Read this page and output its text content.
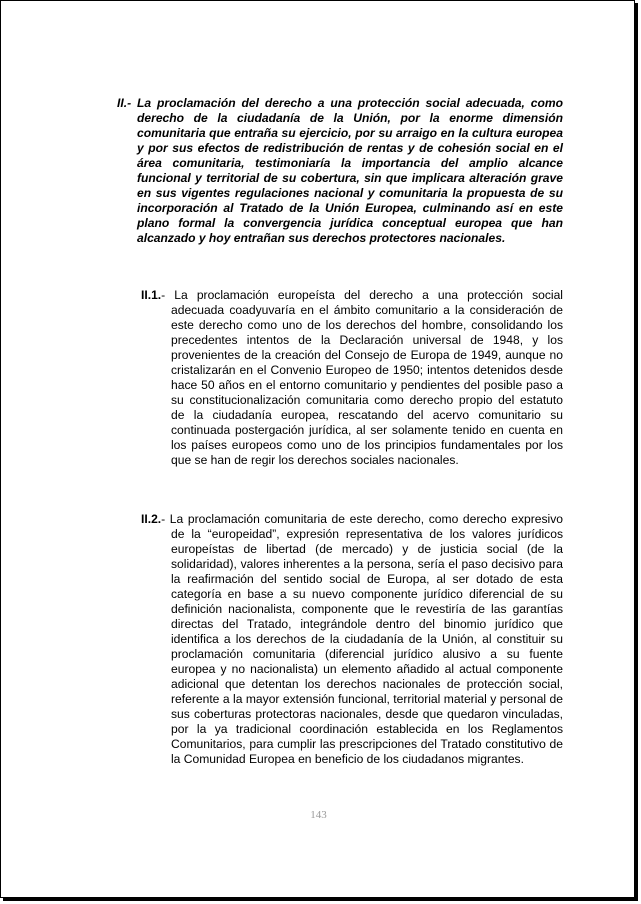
II.- La proclamación del derecho a una protección social adecuada, como derecho de la ciudadanía de la Unión, por la enorme dimensión comunitaria que entraña su ejercicio, por su arraigo en la cultura europea y por sus efectos de redistribución de rentas y de cohesión social en el área comunitaria, testimoniaría la importancia del amplio alcance funcional y territorial de su cobertura, sin que implicara alteración grave en sus vigentes regulaciones nacional y comunitaria la propuesta de su incorporación al Tratado de la Unión Europea, culminando así en este plano formal la convergencia jurídica conceptual europea que han alcanzado y hoy entrañan sus derechos protectores nacionales.
II.1.- La proclamación europeísta del derecho a una protección social adecuada coadyuvaría en el ámbito comunitario a la consideración de este derecho como uno de los derechos del hombre, consolidando los precedentes intentos de la Declaración universal de 1948, y los provenientes de la creación del Consejo de Europa de 1949, aunque no cristalizarán en el Convenio Europeo de 1950; intentos detenidos desde hace 50 años en el entorno comunitario y pendientes del posible paso a su constitucionalización comunitaria como derecho propio del estatuto de la ciudadanía europea, rescatando del acervo comunitario su continuada postergación jurídica, al ser solamente tenido en cuenta en los países europeos como uno de los principios fundamentales por los que se han de regir los derechos sociales nacionales.
II.2.- La proclamación comunitaria de este derecho, como derecho expresivo de la “europeidad”, expresión representativa de los valores jurídicos europeístas de libertad (de mercado) y de justicia social (de la solidaridad), valores inherentes a la persona, sería el paso decisivo para la reafirmación del sentido social de Europa, al ser dotado de esta categoría en base a su nuevo componente jurídico diferencial de su definición nacionalista, componente que le revestiría de las garantías directas del Tratado, integrándole dentro del binomio jurídico que identifica a los derechos de la ciudadanía de la Unión, al constituir su proclamación comunitaria (diferencial jurídico alusivo a su fuente europea y no nacionalista) un elemento añadido al actual componente adicional que detentan los derechos nacionales de protección social, referente a la mayor extensión funcional, territorial material y personal de sus coberturas protectoras nacionales, desde que quedaron vinculadas, por la ya tradicional coordinación establecida en los Reglamentos Comunitarios, para cumplir las prescripciones del Tratado constitutivo de la Comunidad Europea en beneficio de los ciudadanos migrantes.
143
